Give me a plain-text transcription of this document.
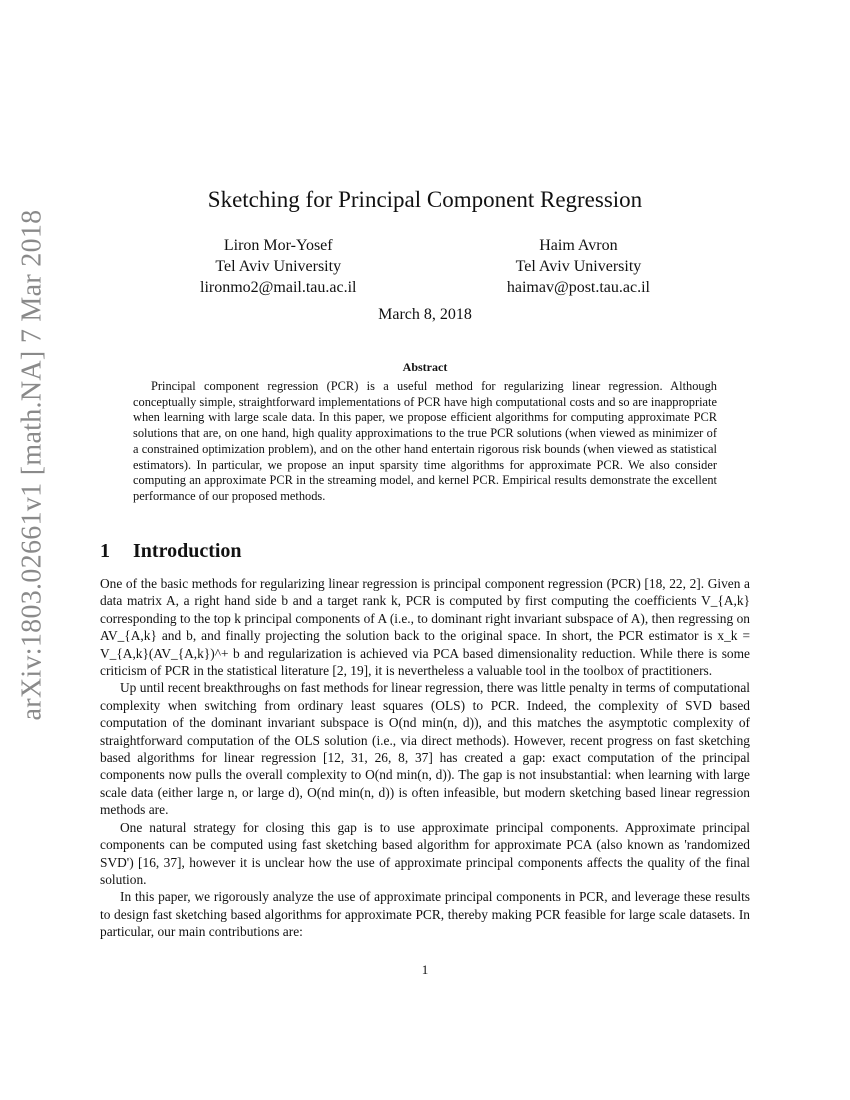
arXiv:1803.02661v1 [math.NA] 7 Mar 2018
Sketching for Principal Component Regression
Liron Mor-Yosef
Tel Aviv University
lironmo2@mail.tau.ac.il
Haim Avron
Tel Aviv University
haimav@post.tau.ac.il
March 8, 2018
Abstract

Principal component regression (PCR) is a useful method for regularizing linear regression. Although conceptually simple, straightforward implementations of PCR have high computational costs and so are inappropriate when learning with large scale data. In this paper, we propose efficient algorithms for computing approximate PCR solutions that are, on one hand, high quality approximations to the true PCR solutions (when viewed as minimizer of a constrained optimization problem), and on the other hand entertain rigorous risk bounds (when viewed as statistical estimators). In particular, we propose an input sparsity time algorithms for approximate PCR. We also consider computing an approximate PCR in the streaming model, and kernel PCR. Empirical results demonstrate the excellent performance of our proposed methods.

1 Introduction

One of the basic methods for regularizing linear regression is principal component regression (PCR) [18, 22, 2]. Given a data matrix A, a right hand side b and a target rank k, PCR is computed by first computing the coefficients V_{A,k} corresponding to the top k principal components of A (i.e., to dominant right invariant subspace of A), then regressing on AV_{A,k} and b, and finally projecting the solution back to the original space. In short, the PCR estimator is x_k = V_{A,k}(AV_{A,k})^+ b and regularization is achieved via PCA based dimensionality reduction. While there is some criticism of PCR in the statistical literature [2, 19], it is nevertheless a valuable tool in the toolbox of practitioners.

Up until recent breakthroughs on fast methods for linear regression, there was little penalty in terms of computational complexity when switching from ordinary least squares (OLS) to PCR. Indeed, the complexity of SVD based computation of the dominant invariant subspace is O(nd min(n, d)), and this matches the asymptotic complexity of straightforward computation of the OLS solution (i.e., via direct methods). However, recent progress on fast sketching based algorithms for linear regression [12, 31, 26, 8, 37] has created a gap: exact computation of the principal components now pulls the overall complexity to O(nd min(n, d)). The gap is not insubstantial: when learning with large scale data (either large n, or large d), O(nd min(n, d)) is often infeasible, but modern sketching based linear regression methods are.

One natural strategy for closing this gap is to use approximate principal components. Approximate principal components can be computed using fast sketching based algorithm for approximate PCA (also known as 'randomized SVD') [16, 37], however it is unclear how the use of approximate principal components affects the quality of the final solution.

In this paper, we rigorously analyze the use of approximate principal components in PCR, and leverage these results to design fast sketching based algorithms for approximate PCR, thereby making PCR feasible for large scale datasets. In particular, our main contributions are:

1
